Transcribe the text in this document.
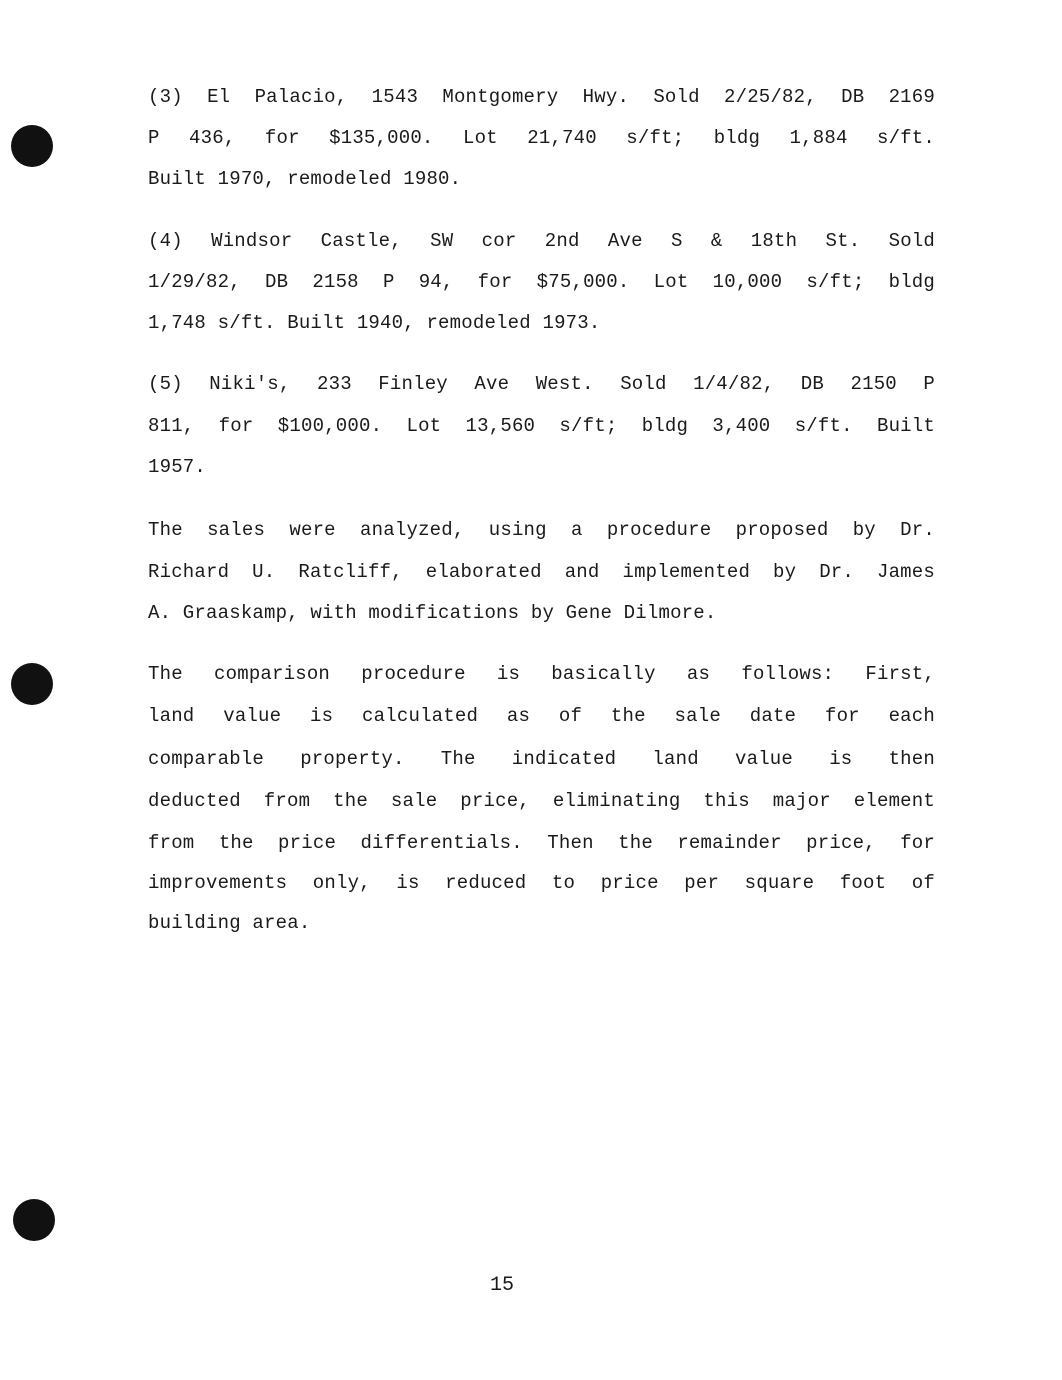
(3) El Palacio, 1543 Montgomery Hwy. Sold 2/25/82, DB 2169
P 436, for $135,000. Lot 21,740 s/ft; bldg 1,884 s/ft.
Built 1970, remodeled 1980.
(4) Windsor Castle, SW cor 2nd Ave S & 18th St. Sold
1/29/82, DB 2158 P 94, for $75,000. Lot 10,000 s/ft; bldg
1,748 s/ft. Built 1940, remodeled 1973.
(5) Niki's, 233 Finley Ave West. Sold 1/4/82, DB 2150 P
811, for $100,000. Lot 13,560 s/ft; bldg 3,400 s/ft. Built
1957.
The sales were analyzed, using a procedure proposed by Dr.
Richard U. Ratcliff, elaborated and implemented by Dr. James
A. Graaskamp, with modifications by Gene Dilmore.
The comparison procedure is basically as follows: First,
land value is calculated as of the sale date for each
comparable property. The indicated land value is then
deducted from the sale price, eliminating this major element
from the price differentials. Then the remainder price, for
improvements only, is reduced to price per square foot of
building area.
15
